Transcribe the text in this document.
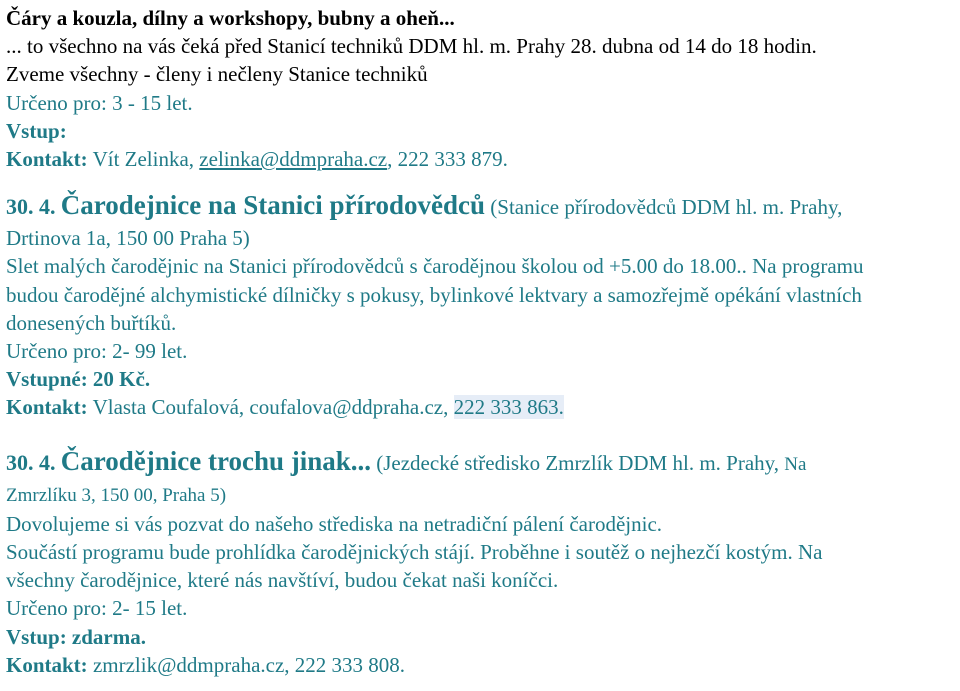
Čáry a kouzla, dílny a workshopy, bubny a oheň...
... to všechno na vás čeká před Stanicí techniků DDM hl. m. Prahy 28. dubna od 14 do 18 hodin.
Zveme všechny - členy i nečleny Stanice techniků
Určeno pro: 3 - 15 let.
Vstup:
Kontakt: Vít Zelinka, zelinka@ddmpraha.cz, 222 333 879.
30. 4. Čarodejnice na Stanici přírodovědců (Stanice přírodovědců DDM hl. m. Prahy,
Drtinova 1a, 150 00 Praha 5)
Slet malých čarodějnic na Stanici přírodovědců s čarodějnou školou od +5.00 do 18.00.. Na programu
budou čarodějné alchymistické dílničky s pokusy, bylinkové lektvary a samozřejmě opékání vlastních
donesených buřtíků.
Určeno pro: 2- 99 let.
Vstupné: 20 Kč.
Kontakt: Vlasta Coufalová, coufalova@ddpraha.cz, 222 333 863.
30. 4. Čarodějnice trochu jinak... (Jezdecké středisko Zmrzlík DDM hl. m. Prahy, Na
Zmrzlíku 3, 150 00, Praha 5)
Dovolujeme si vás pozvat do našeho střediska na netradiční pálení čarodějnic.
Součástí programu bude prohlídka čarodějnických stájí. Proběhne i soutěž o nejhezčí kostým. Na
všechny čarodějnice, které nás navštíví, budou čekat naši koníčci.
Určeno pro: 2- 15 let.
Vstup: zdarma.
Kontakt: zmrzlik@ddmpraha.cz, 222 333 808.
